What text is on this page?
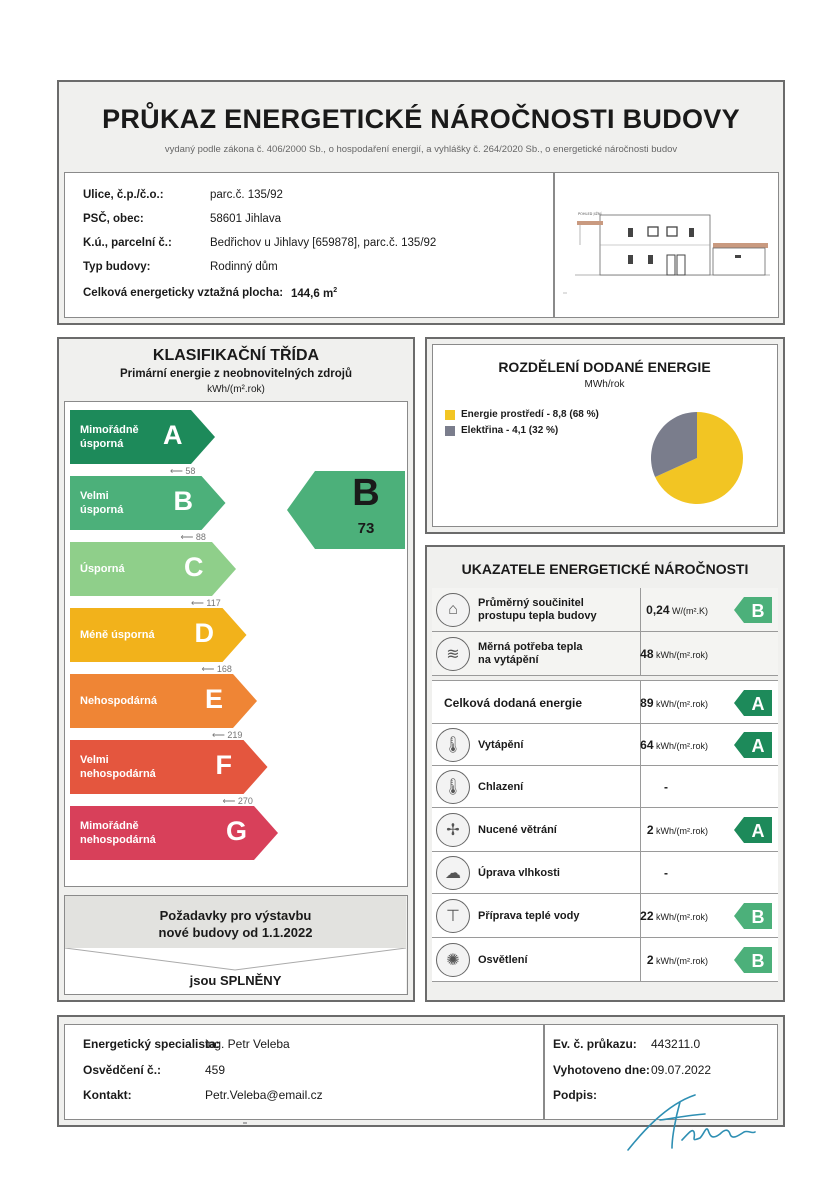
PRŮKAZ ENERGETICKÉ NÁROČNOSTI BUDOVY
vydaný podle zákona č. 406/2000 Sb., o hospodaření energií, a vyhlášky č. 264/2020 Sb., o energetické náročnosti budov
Ulice, č.p./č.o.:	parc.č. 135/92
PSČ, obec:	58601 Jihlava
K.ú., parcelní č.:	Bedřichov u Jihlavy [659878], parc.č. 135/92
Typ budovy:	Rodinný dům
Celková energeticky vztažná plocha: 144,6 $m^2$
POHLED JIŽNÍ
KLASIFIKAČNÍ TŘÍDA
Primární energie z neobnovitelných zdrojů
kWh/(m².rok)
Mimořádně
úsporná	A
⟵ 58
Velmi
úsporná B
⟵ 88
Úsporná C
⟵ 117
Méně úsporná D
⟵ 168
Nehospodárná E
⟵ 219
Velmi
nehospodárná F
⟵ 270
Mimořádně
nehospodárná	G
B
73
Požadavky pro výstavbu
nové budovy od 1.1.2022
jsou SPLNĚNY
ROZDĚLENÍ DODANÉ ENERGIE
MWh/rok
Energie prostředí - 8,8 (68 %)
Elektřina - 4,1 (32 %)
UKAZATELE ENERGETICKÉ NÁROČNOSTI
⌂	Průměrný součinitel
prostupu tepla budovy	0,24 W/(m².K) B
≋	Měrná potřeba tepla
na vytápění	48 kWh/(m².rok)
Celková dodaná energie	89 kWh/(m².rok) A
🌡	Vytápění	64 kWh/(m².rok) A
🌡	Chlazení	-
✢	Nucené větrání	2 kWh/(m².rok) A
☁	Úprava vlhkosti	-
⊤	Příprava teplé vody	22 kWh/(m².rok) B
✺	Osvětlení	2 kWh/(m².rok) B
Energetický specialista:
ing. Petr Veleba
Osvědčení č.:	459
Kontakt:	Petr.Veleba@email.cz
Ev. č. průkazu: 443211.0
Vyhotoveno dne: 09.07.2022
Podpis:
